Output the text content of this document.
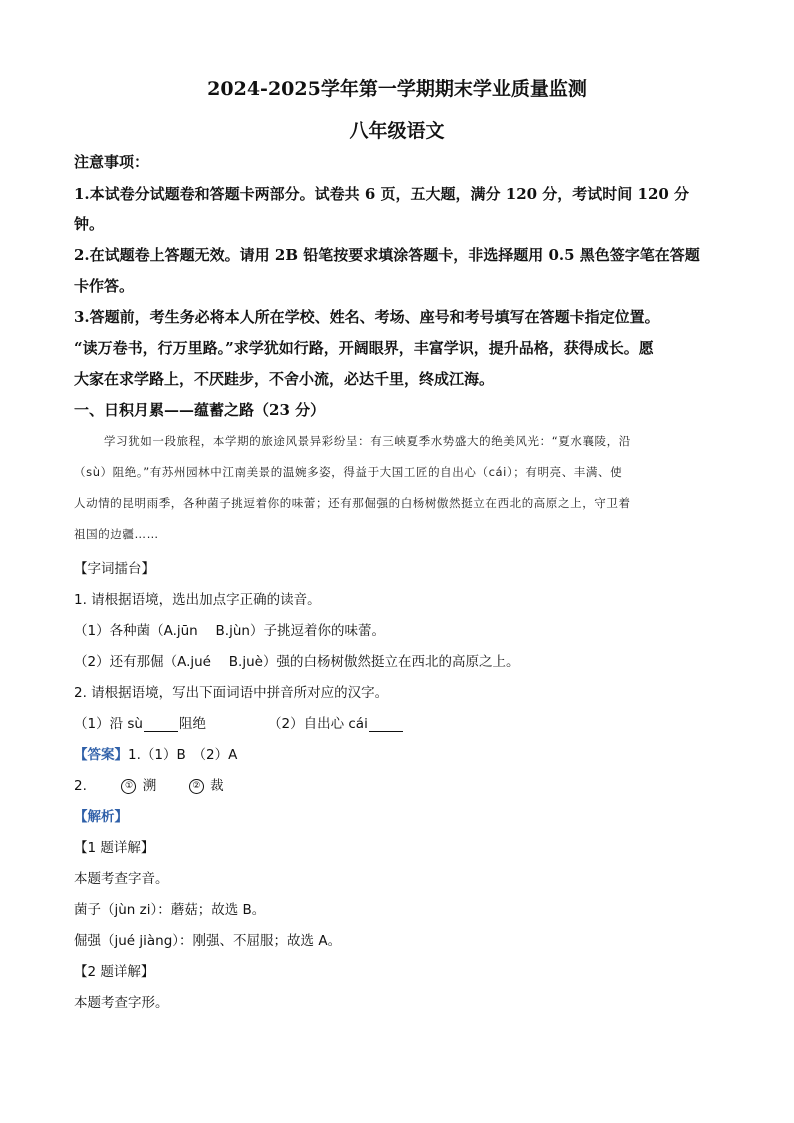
2024-2025学年第一学期期末学业质量监测
八年级语文
注意事项：
1.本试卷分试题卷和答题卡两部分。试卷共 6 页，五大题，满分 120 分，考试时间 120 分
钟。
2.在试题卷上答题无效。请用 2B 铅笔按要求填涂答题卡，非选择题用 0.5 黑色签字笔在答题
卡作答。
3.答题前，考生务必将本人所在学校、姓名、考场、座号和考号填写在答题卡指定位置。
“读万卷书，行万里路。”求学犹如行路，开阔眼界，丰富学识，提升品格，获得成长。愿
大家在求学路上，不厌跬步，不舍小流，必达千里，终成江海。
一、日积月累——蕴蓄之路（23 分）
学习犹如一段旅程，本学期的旅途风景异彩纷呈：有三峡夏季水势盛大的绝美风光：“夏水襄陵，沿
（sù）阻绝。”有苏州园林中江南美景的温婉多姿，得益于大国工匠的自出心（cái）；有明亮、丰满、使
人动情的昆明雨季，各种菌子挑逗着你的味蕾；还有那倔强的白杨树傲然挺立在西北的高原之上，守卫着
祖国的边疆……
【字词擂台】
1. 请根据语境，选出加点字正确的读音。
（1）各种菌（A.jūn　 B.jùn）子挑逗着你的味蕾。
（2）还有那倔（A.jué　 B.juè）强的白杨树傲然挺立在西北的高原之上。
2. 请根据语境，写出下面词语中拼音所对应的汉字。
（1）沿 sù	阻绝	（2）自出心 cái
【答案】1.（1）B　（2）A
2.	① 溯	② 裁
【解析】
【1 题详解】
本题考查字音。
菌子（jùn zi）：蘑菇；故选 B。
倔强（jué jiàng）：刚强、不屈服；故选 A。
【2 题详解】
本题考查字形。
